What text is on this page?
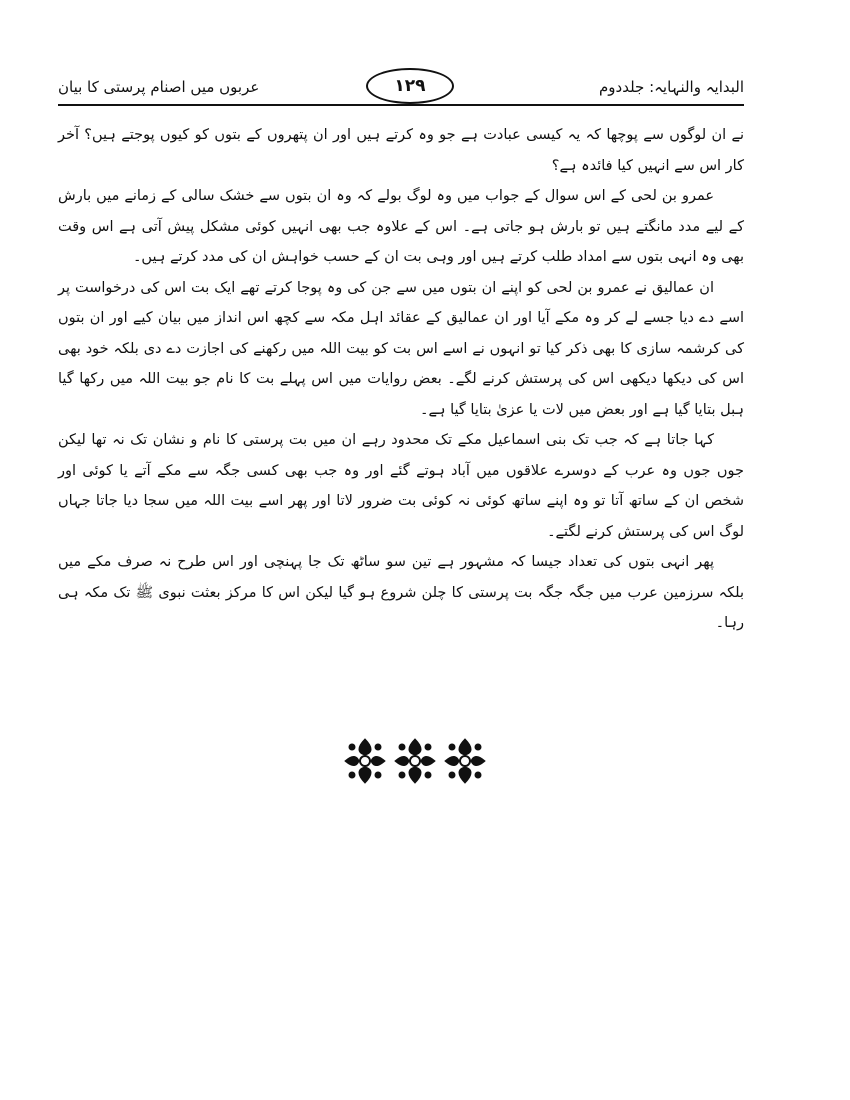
عربوں میں اصنام پرستی کا بیان	۱۲۹	البدایہ والنہایہ: جلددوم

نے ان لوگوں سے پوچھا کہ یہ کیسی عبادت ہے جو وہ کرتے ہیں اور ان پتھروں کے بتوں کو کیوں پوجتے ہیں؟ آخر کار اس سے انہیں کیا فائدہ ہے؟

عمرو بن لحی کے اس سوال کے جواب میں وہ لوگ بولے کہ وہ ان بتوں سے خشک سالی کے زمانے میں بارش کے لیے مدد مانگتے ہیں تو بارش ہو جاتی ہے۔ اس کے علاوہ جب بھی انہیں کوئی مشکل پیش آتی ہے اس وقت بھی وہ انہی بتوں سے امداد طلب کرتے ہیں اور وہی بت ان کے حسب خواہش ان کی مدد کرتے ہیں۔

ان عمالیق نے عمرو بن لحی کو اپنے ان بتوں میں سے جن کی وہ پوجا کرتے تھے ایک بت اس کی درخواست پر اسے دے دیا جسے لے کر وہ مکے آیا اور ان عمالیق کے عقائد اہل مکہ سے کچھ اس انداز میں بیان کیے اور ان بتوں کی کرشمہ سازی کا بھی ذکر کیا تو انہوں نے اسے اس بت کو بیت اللہ میں رکھنے کی اجازت دے دی بلکہ خود بھی اس کی دیکھا دیکھی اس کی پرستش کرنے لگے۔ بعض روایات میں اس پہلے بت کا نام جو بیت اللہ میں رکھا گیا ہبل بتایا گیا ہے اور بعض میں لات یا عزیٰ بتایا گیا ہے۔

کہا جاتا ہے کہ جب تک بنی اسماعیل مکے تک محدود رہے ان میں بت پرستی کا نام و نشان تک نہ تھا لیکن جوں جوں وہ عرب کے دوسرے علاقوں میں آباد ہوتے گئے اور وہ جب بھی کسی جگہ سے مکے آتے یا کوئی اور شخص ان کے ساتھ آتا تو وہ اپنے ساتھ کوئی نہ کوئی بت ضرور لاتا اور پھر اسے بیت اللہ میں سجا دیا جاتا جہاں لوگ اس کی پرستش کرنے لگتے۔

پھر انہی بتوں کی تعداد جیسا کہ مشہور ہے تین سو ساٹھ تک جا پہنچی اور اس طرح نہ صرف مکے میں بلکہ سرزمین عرب میں جگہ جگہ بت پرستی کا چلن شروع ہو گیا لیکن اس کا مرکز بعثت نبوی ﷺ تک مکہ ہی رہا۔
